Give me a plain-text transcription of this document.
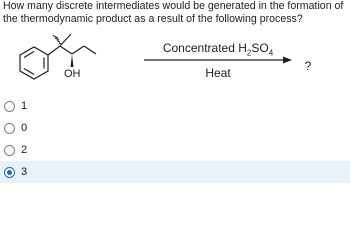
How many discrete intermediates would be generated in the formation of the thermodynamic product as a result of the following process?
OH
Concentrated $H_2SO_4$
Heat	?
1
0
2
3
